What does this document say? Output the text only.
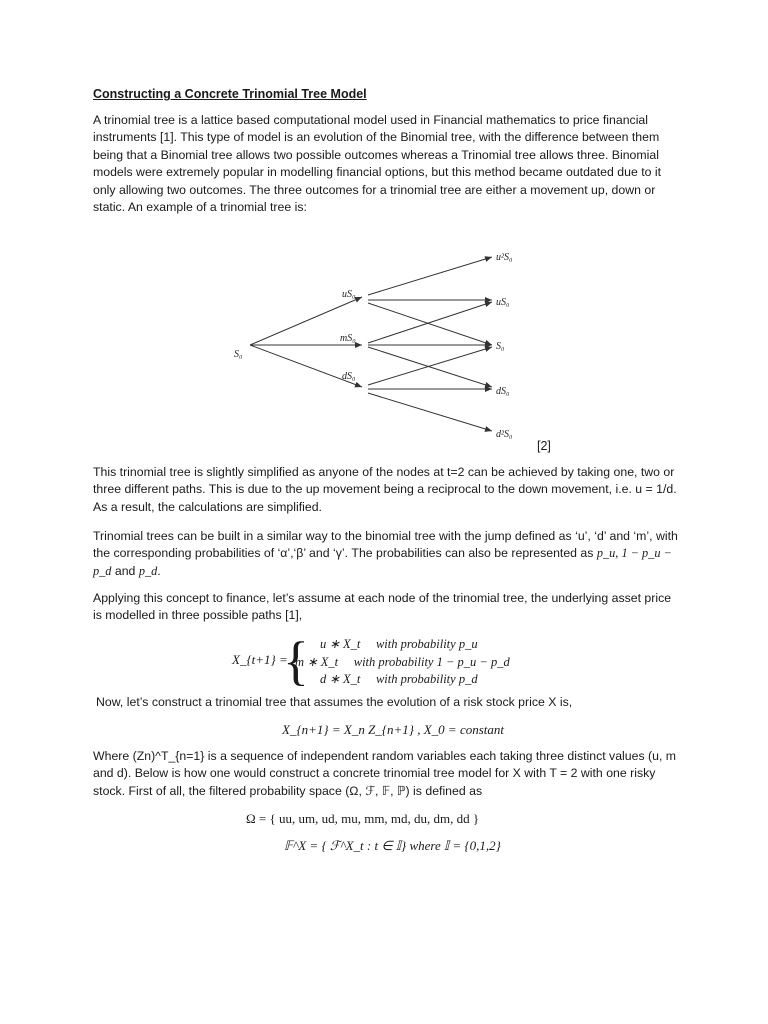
Constructing a Concrete Trinomial Tree Model
A trinomial tree is a lattice based computational model used in Financial mathematics to price financial instruments [1]. This type of model is an evolution of the Binomial tree, with the difference between them being that a Binomial tree allows two possible outcomes whereas a Trinomial tree allows three. Binomial models were extremely popular in modelling financial options, but this method became outdated due to it only allowing two outcomes. The three outcomes for a trinomial tree are either a movement up, down or static. An example of a trinomial tree is:
S₀
uS₀
mS₀
dS₀
u²S₀
uS₀
S₀
dS₀
d²S₀
[2]
This trinomial tree is slightly simplified as anyone of the nodes at t=2 can be achieved by taking one, two or three different paths. This is due to the up movement being a reciprocal to the down movement, i.e. u = 1/d. As a result, the calculations are simplified.
Trinomial trees can be built in a similar way to the binomial tree with the jump defined as ‘u’, ‘d’ and ‘m’, with the corresponding probabilities of ‘α’,‘β’ and ‘γ’. The probabilities can also be represented as p_u, 1 − p_u − p_d and p_d.
Applying this concept to finance, let’s assume at each node of the trinomial tree, the underlying asset price is modelled in three possible paths [1],
X_{t+1} =
{ u ∗ X_t     with probability p_u
m ∗ X_t     with probability 1 − p_u − p_d
d ∗ X_t     with probability p_d
Now, let’s construct a trinomial tree that assumes the evolution of a risk stock price X is,
X_{n+1} = X_n Z_{n+1} , X_0 = constant
Where (Zn)^T_{n=1} is a sequence of independent random variables each taking three distinct values (u, m and d). Below is how one would construct a concrete trinomial tree model for X with T = 2 with one risky stock. First of all, the filtered probability space (Ω, ℱ, 𝔽, ℙ) is defined as
Ω = { uu, um, ud, mu, mm, md, du, dm, dd }
𝔽^X = { ℱ^X_t : t ∈ 𝕀} where 𝕀 = {0,1,2}
